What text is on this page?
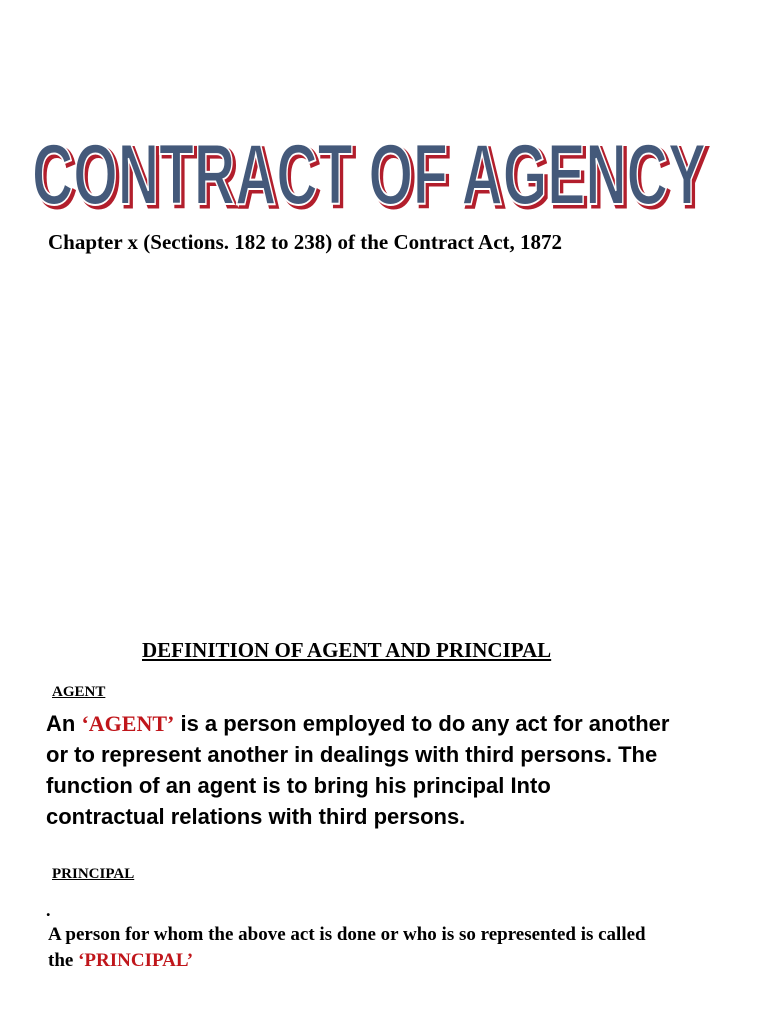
CONTRACT OF AGENCY
CONTRACT OF AGENCY
Chapter x (Sections. 182 to 238) of the Contract Act, 1872
DEFINITION OF AGENT AND PRINCIPAL
AGENT
An ‘AGENT’ is a person employed to do any act for another
or to represent another in dealings with third persons. The
function of an agent is to bring his principal Into
contractual relations with third persons.
PRINCIPAL
.
A person for whom the above act is done or who is so represented is called
the ‘PRINCIPAL’
